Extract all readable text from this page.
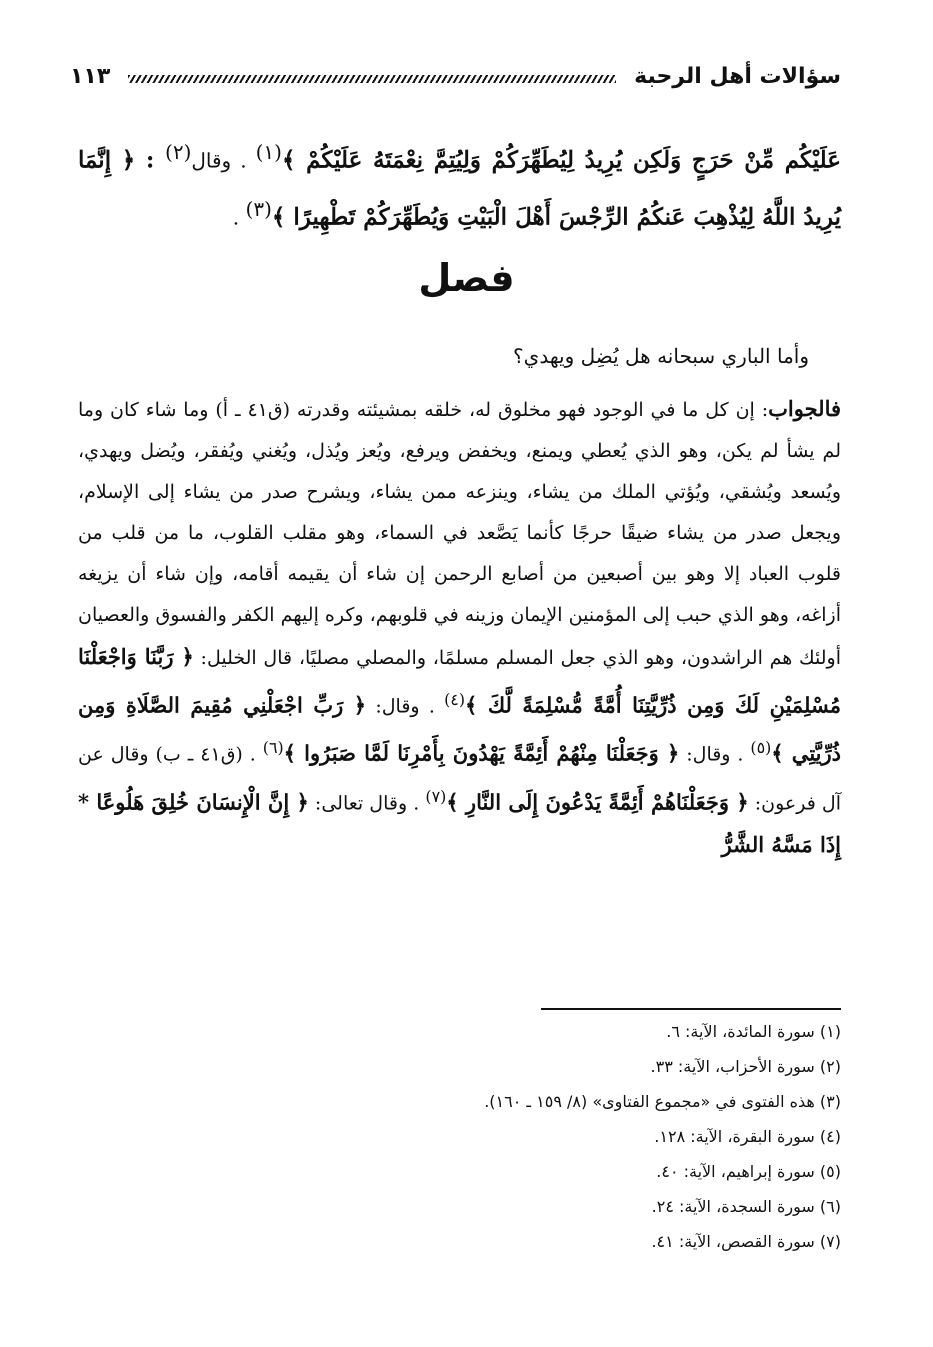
سؤالات أهل الرحبة
١١٣
عَلَيْكُم مِّنْ حَرَجٍ وَلَكِن يُرِيدُ لِيُطَهِّرَكُمْ وَلِيُتِمَّ نِعْمَتَهُ عَلَيْكُمْ ﴾$^{(١)}$ . وقال$^{(٢)}$ : ﴿ إِنَّمَا يُرِيدُ اللَّهُ لِيُذْهِبَ عَنكُمُ الرِّجْسَ أَهْلَ الْبَيْتِ وَيُطَهِّرَكُمْ تَطْهِيرًا ﴾$^{(٣)}$ .
فصل
وأما الباري سبحانه هل يُضِل ويهدي؟
فالجواب: إن كل ما في الوجود فهو مخلوق له، خلقه بمشيئته وقدرته (ق٤١ ـ أ) وما شاء كان وما لم يشأ لم يكن، وهو الذي يُعطي ويمنع، ويخفض ويرفع، ويُعز ويُذل، ويُغني ويُفقر، ويُضل ويهدي، ويُسعد ويُشقي، ويُؤتي الملك من يشاء، وينزعه ممن يشاء، ويشرح صدر من يشاء إلى الإسلام، ويجعل صدر من يشاء ضيقًا حرجًا كأنما يَصَّعد في السماء، وهو مقلب القلوب، ما من قلب من قلوب العباد إلا وهو بين أصبعين من أصابع الرحمن إن شاء أن يقيمه أقامه، وإن شاء أن يزيغه أزاغه، وهو الذي حبب إلى المؤمنين الإيمان وزينه في قلوبهم، وكره إليهم الكفر والفسوق والعصيان أولئك هم الراشدون، وهو الذي جعل المسلم مسلمًا، والمصلي مصليًا، قال الخليل: ﴿ رَبَّنَا وَاجْعَلْنَا مُسْلِمَيْنِ لَكَ وَمِن ذُرِّيَّتِنَا أُمَّةً مُّسْلِمَةً لَّكَ ﴾$^{(٤)}$ . وقال: ﴿ رَبِّ اجْعَلْنِي مُقِيمَ الصَّلَاةِ وَمِن ذُرِّيَّتِي ﴾$^{(٥)}$ . وقال: ﴿ وَجَعَلْنَا مِنْهُمْ أَئِمَّةً يَهْدُونَ بِأَمْرِنَا لَمَّا صَبَرُوا ﴾$^{(٦)}$ . (ق٤١ ـ ب) وقال عن آل فرعون: ﴿ وَجَعَلْنَاهُمْ أَئِمَّةً يَدْعُونَ إِلَى النَّارِ ﴾$^{(٧)}$ . وقال تعالى: ﴿ إِنَّ الْإِنسَانَ خُلِقَ هَلُوعًا * إِذَا مَسَّهُ الشَّرُّ
(١) سورة المائدة، الآية: ٦.
(٢) سورة الأحزاب، الآية: ٣٣.
(٣) هذه الفتوى في «مجموع الفتاوى» (٨/ ١٥٩ ـ ١٦٠).
(٤) سورة البقرة، الآية: ١٢٨.
(٥) سورة إبراهيم، الآية: ٤٠.
(٦) سورة السجدة، الآية: ٢٤.
(٧) سورة القصص، الآية: ٤١.
